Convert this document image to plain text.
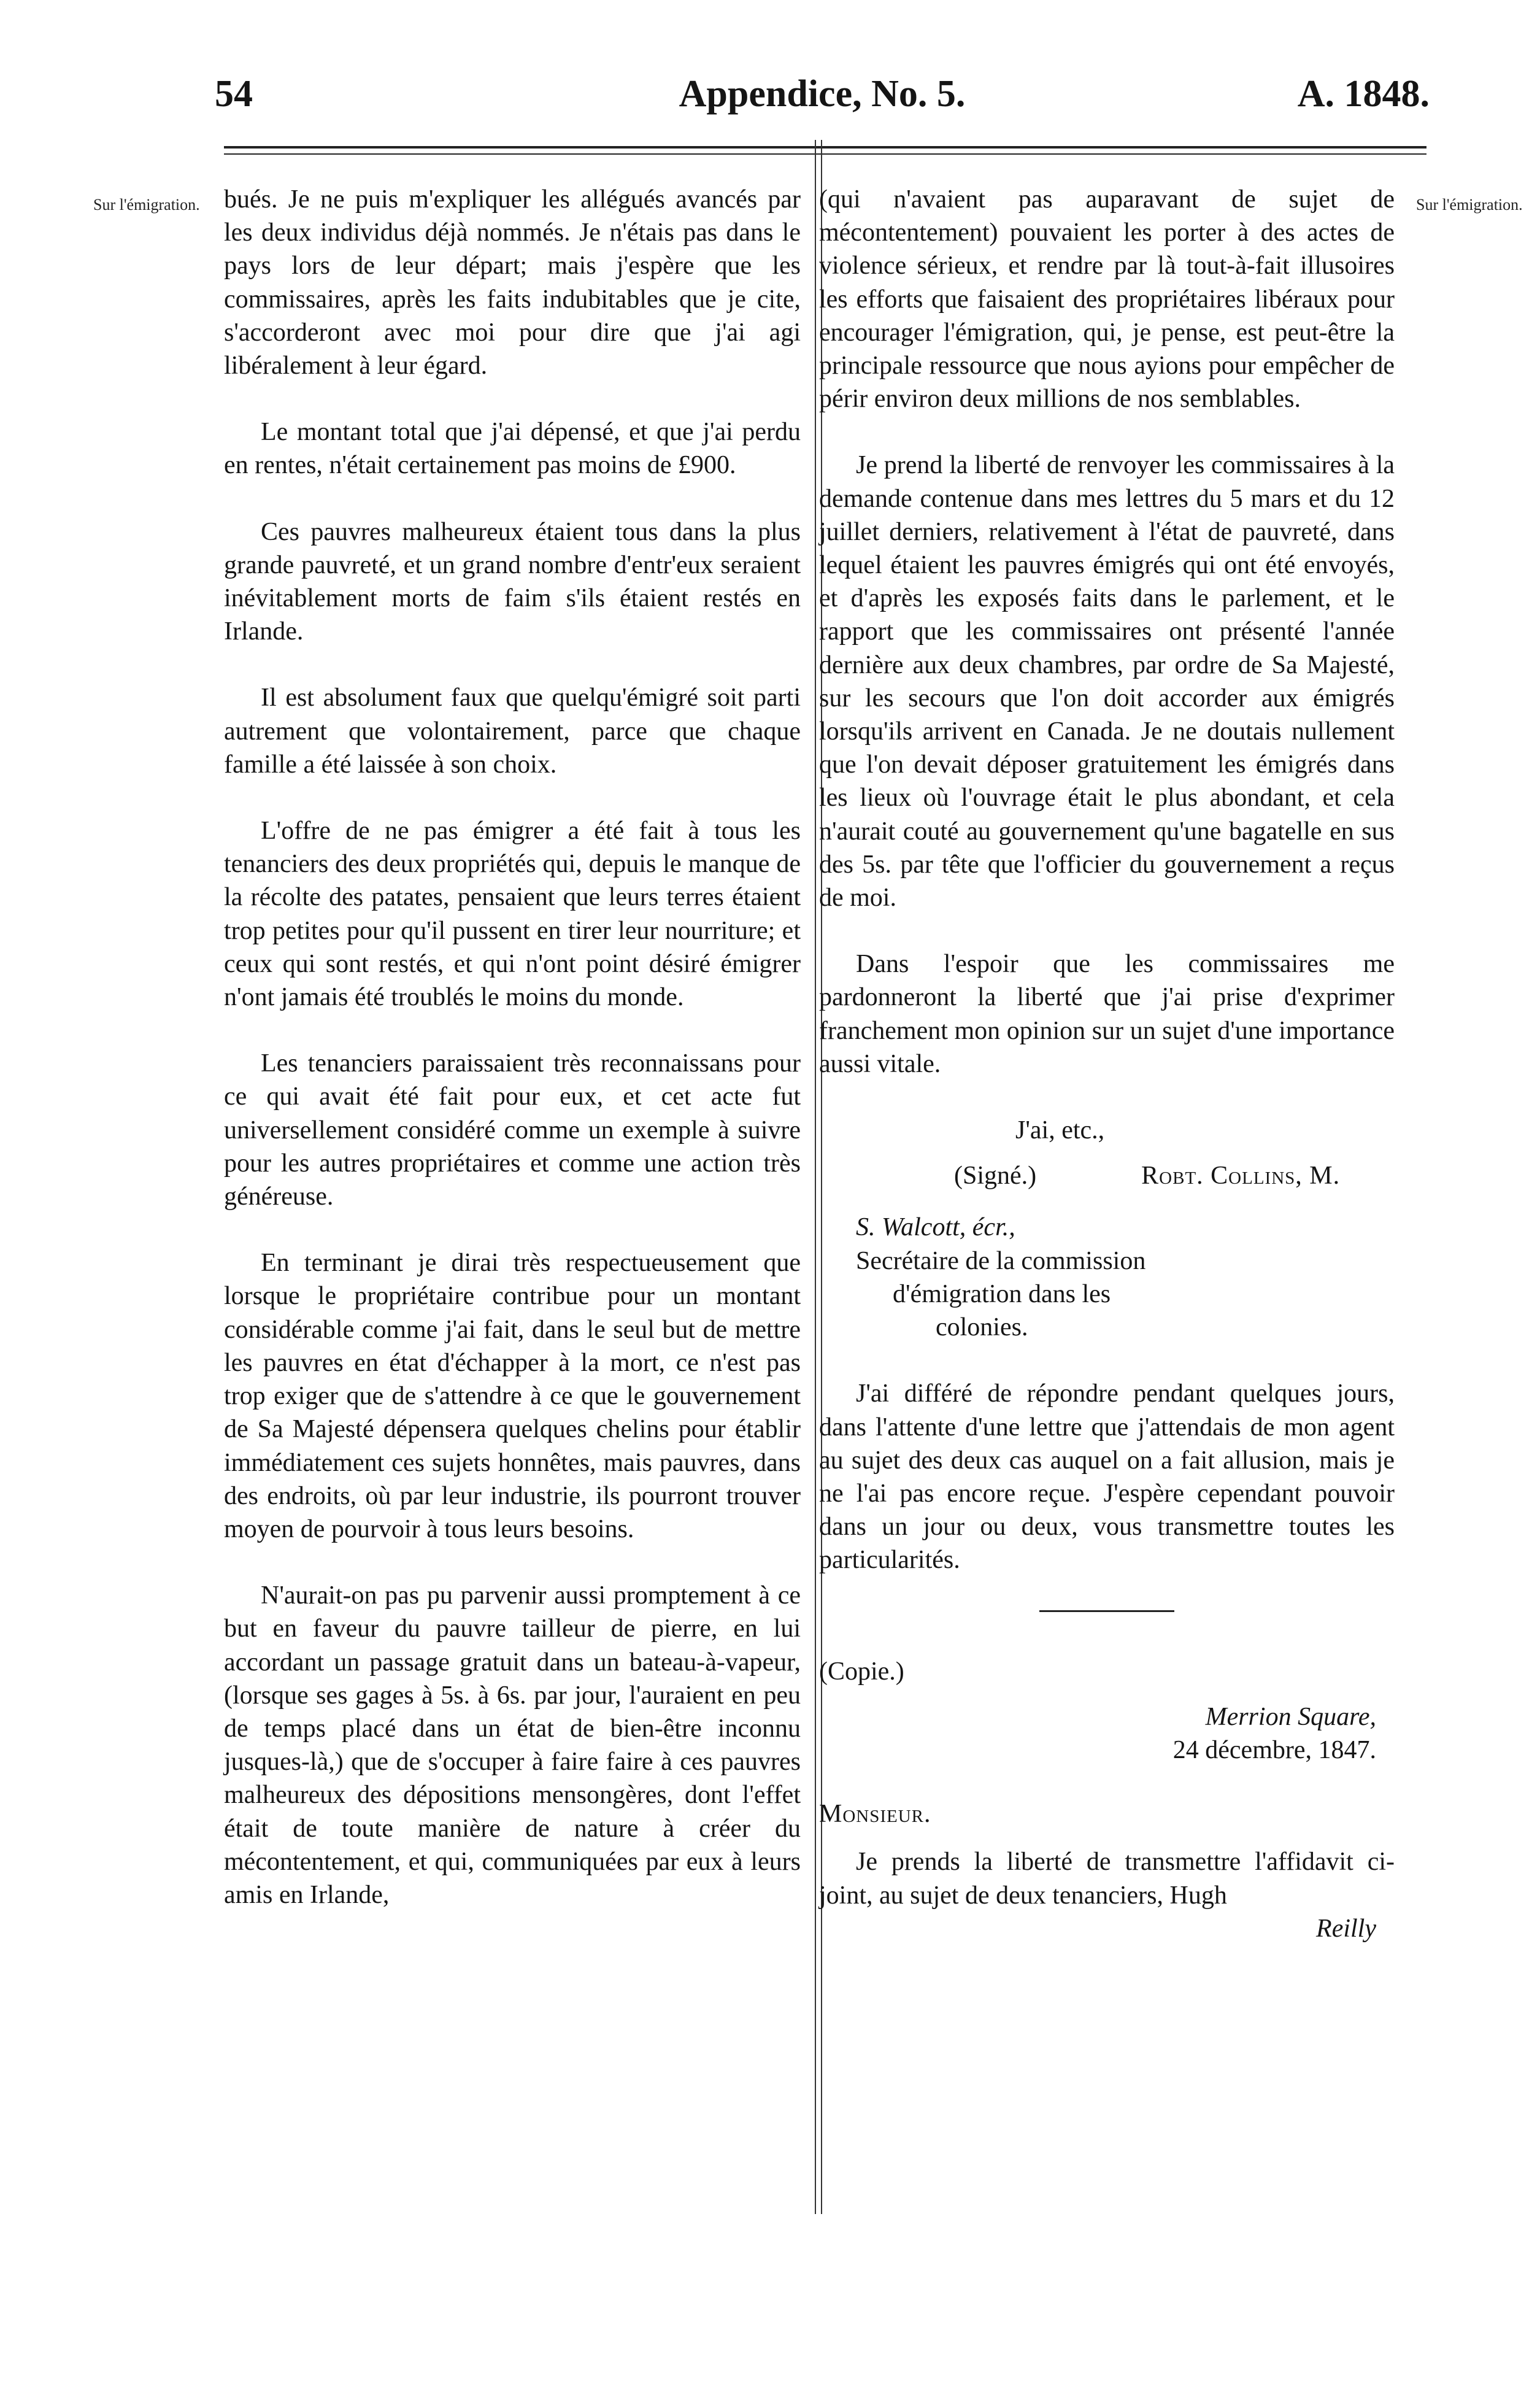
54	Appendice, No. 5.	A. 1848.
Sur l'émigration.	Sur l'émigration.

bués. Je ne puis m'expliquer les allégués avancés par les deux individus déjà nommés. Je n'étais pas dans le pays lors de leur départ; mais j'espère que les commissaires, après les faits indubitables que je cite, s'accorderont avec moi pour dire que j'ai agi libéralement à leur égard.

Le montant total que j'ai dépensé, et que j'ai perdu en rentes, n'était certainement pas moins de £900.

Ces pauvres malheureux étaient tous dans la plus grande pauvreté, et un grand nombre d'entr'eux seraient inévitablement morts de faim s'ils étaient restés en Irlande.

Il est absolument faux que quelqu'émigré soit parti autrement que volontairement, parce que chaque famille a été laissée à son choix.

L'offre de ne pas émigrer a été fait à tous les tenanciers des deux propriétés qui, depuis le manque de la récolte des patates, pensaient que leurs terres étaient trop petites pour qu'il pussent en tirer leur nourriture; et ceux qui sont restés, et qui n'ont point désiré émigrer n'ont jamais été troublés le moins du monde.

Les tenanciers paraissaient très reconnaissans pour ce qui avait été fait pour eux, et cet acte fut universellement considéré comme un exemple à suivre pour les autres propriétaires et comme une action très généreuse.

En terminant je dirai très respectueusement que lorsque le propriétaire contribue pour un montant considérable comme j'ai fait, dans le seul but de mettre les pauvres en état d'échapper à la mort, ce n'est pas trop exiger que de s'attendre à ce que le gouvernement de Sa Majesté dépensera quelques chelins pour établir immédiatement ces sujets honnêtes, mais pauvres, dans des endroits, où par leur industrie, ils pourront trouver moyen de pourvoir à tous leurs besoins.

N'aurait-on pas pu parvenir aussi promptement à ce but en faveur du pauvre tailleur de pierre, en lui accordant un passage gratuit dans un bateau-à-vapeur, (lorsque ses gages à 5s. à 6s. par jour, l'auraient en peu de temps placé dans un état de bien-être inconnu jusques-là,) que de s'occuper à faire faire à ces pauvres malheureux des dépositions mensongères, dont l'effet était de toute manière de nature à créer du mécontentement, et qui, communiquées par eux à leurs amis en Irlande,

(qui n'avaient pas auparavant de sujet de mécontentement) pouvaient les porter à des actes de violence sérieux, et rendre par là tout-à-fait illusoires les efforts que faisaient des propriétaires libéraux pour encourager l'émigration, qui, je pense, est peut-être la principale ressource que nous ayions pour empêcher de périr environ deux millions de nos semblables.

Je prend la liberté de renvoyer les commissaires à la demande contenue dans mes lettres du 5 mars et du 12 juillet derniers, relativement à l'état de pauvreté, dans lequel étaient les pauvres émigrés qui ont été envoyés, et d'après les exposés faits dans le parlement, et le rapport que les commissaires ont présenté l'année dernière aux deux chambres, par ordre de Sa Majesté, sur les secours que l'on doit accorder aux émigrés lorsqu'ils arrivent en Canada. Je ne doutais nullement que l'on devait déposer gratuitement les émigrés dans les lieux où l'ouvrage était le plus abondant, et cela n'aurait couté au gouvernement qu'une bagatelle en sus des 5s. par tête que l'officier du gouvernement a reçus de moi.

Dans l'espoir que les commissaires me pardonneront la liberté que j'ai prise d'exprimer franchement mon opinion sur un sujet d'une importance aussi vitale.

J'ai, etc.,

(Signé.)	Robt. Collins, M.

S. Walcott, écr.,
Secrétaire de la commission
d'émigration dans les
colonies.

J'ai différé de répondre pendant quelques jours, dans l'attente d'une lettre que j'attendais de mon agent au sujet des deux cas auquel on a fait allusion, mais je ne l'ai pas encore reçue. J'espère cependant pouvoir dans un jour ou deux, vous transmettre toutes les particularités.

(Copie.)

Merrion Square,

24 décembre, 1847.

Monsieur.

Je prends la liberté de transmettre l'affidavit ci-joint, au sujet de deux tenanciers, Hugh

Reilly
